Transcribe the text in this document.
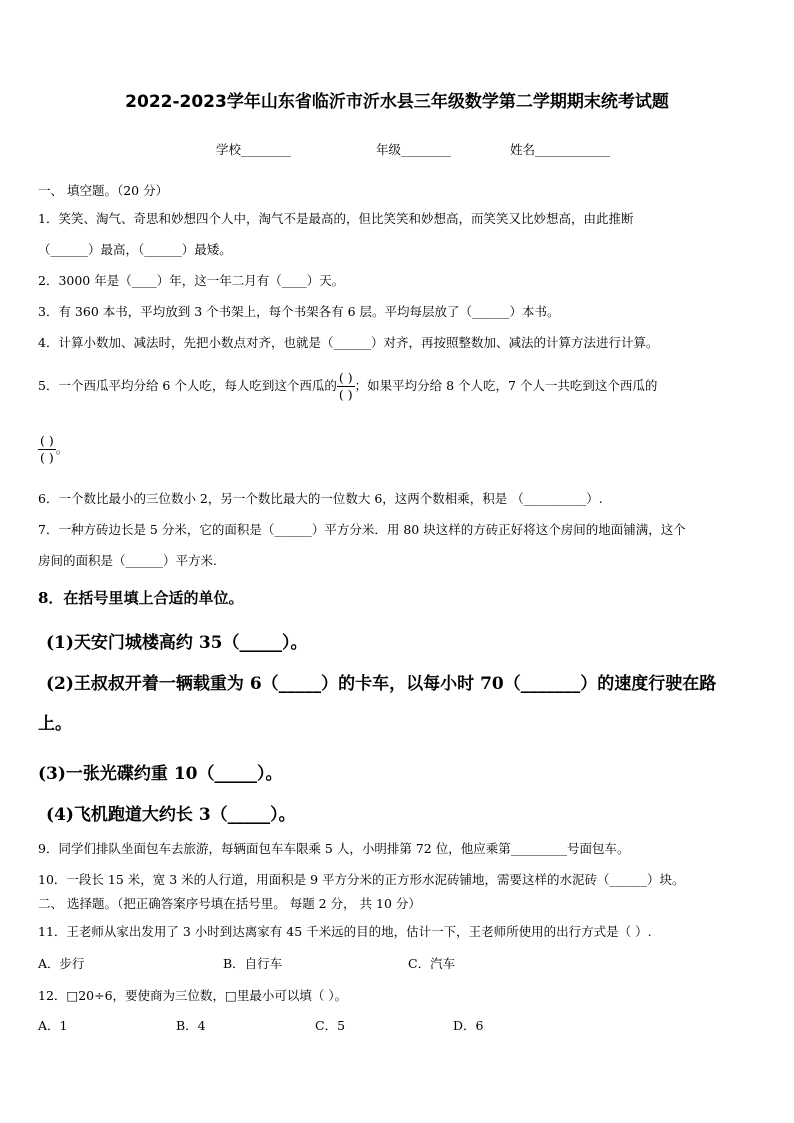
2022-2023学年山东省临沂市沂水县三年级数学第二学期期末统考试题
学校________	年级________	姓名____________
一、 填空题。（20 分）
1．笑笑、淘气、奇思和妙想四个人中，淘气不是最高的，但比笑笑和妙想高，而笑笑又比妙想高，由此推断
（______）最高，（______）最矮。
2．3000 年是（____）年，这一年二月有（____）天。
3．有 360 本书，平均放到 3 个书架上，每个书架各有 6 层。平均每层放了（______）本书。
4．计算小数加、减法时，先把小数点对齐，也就是（______）对齐，再按照整数加、减法的计算方法进行计算。
5．一个西瓜平均分给 6 个人吃，每人吃到这个西瓜的 $\frac{( )}{( )}$ ；如果平均分给 8 个人吃，7 个人一共吃到这个西瓜的
$\frac{( )}{( )}$ 。
6．一个数比最小的三位数小 2，另一个数比最大的一位数大 6，这两个数相乘，积是 （__________）.
7．一种方砖边长是 5 分米，它的面积是（______）平方分米．用 80 块这样的方砖正好将这个房间的地面铺满，这个
房间的面积是（______）平方米.
8．在括号里填上合适的单位。
(1)天安门城楼高约 35（_____）。
(2)王叔叔开着一辆载重为 6（_____）的卡车，以每小时 70（_______）的速度行驶在路
上。
(3)一张光碟约重 10（_____）。
(4)飞机跑道大约长 3（_____）。
9．同学们排队坐面包车去旅游，每辆面包车车限乘 5 人，小明排第 72 位，他应乘第_________号面包车。
10．一段长 15 米，宽 3 米的人行道，用面积是 9 平方分米的正方形水泥砖铺地，需要这样的水泥砖（______）块。
二、 选择题。（把正确答案序号填在括号里。 每题 2 分， 共 10 分）
11．王老师从家出发用了 3 小时到达离家有 45 千米远的目的地，估计一下，王老师所使用的出行方式是（ ）.
A．步行	B．自行车	C．汽车
12．□20÷6，要使商为三位数，□里最小可以填（ ）。
A．1	B．4	C．5	D．6
